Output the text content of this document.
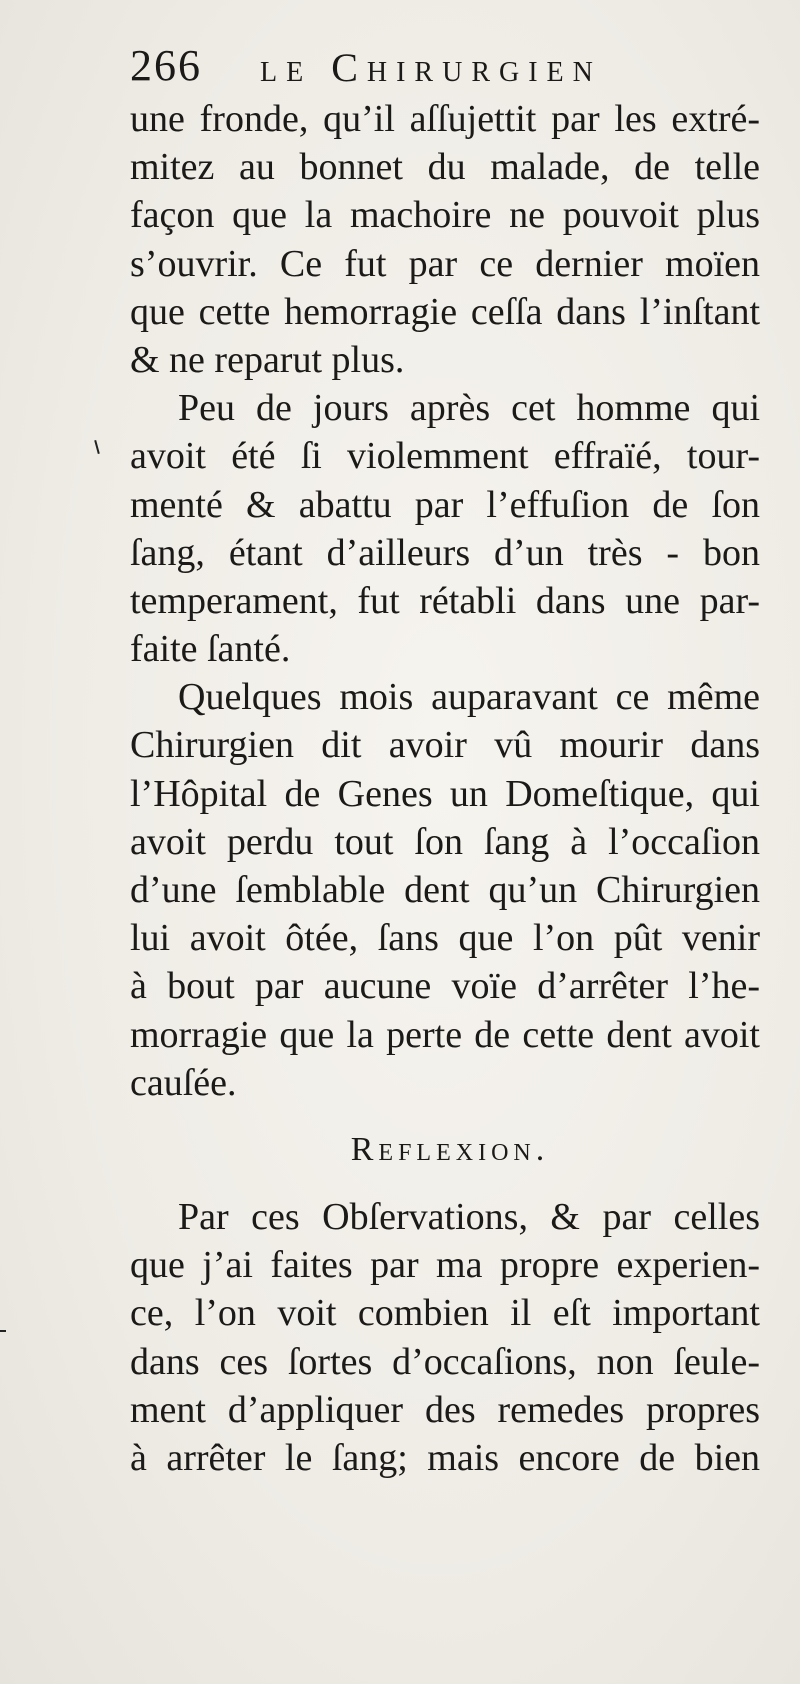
266 le Chirurgien
une fronde, qu’il aſſujettit par les extré-
mitez au bonnet du malade, de telle
façon que la machoire ne pouvoit plus
s’ouvrir. Ce fut par ce dernier moïen
que cette hemorragie ceſſa dans l’inſtant
& ne reparut plus.
Peu de jours après cet homme qui
avoit été ſi violemment effraïé, tour-
menté & abattu par l’effuſion de ſon
ſang, étant d’ailleurs d’un très - bon
temperament, fut rétabli dans une par-
faite ſanté.
Quelques mois auparavant ce même
Chirurgien dit avoir vû mourir dans
l’Hôpital de Genes un Domeſtique, qui
avoit perdu tout ſon ſang à l’occaſion
d’une ſemblable dent qu’un Chirurgien
lui avoit ôtée, ſans que l’on pût venir
à bout par aucune voïe d’arrêter l’he-
morragie que la perte de cette dent avoit
cauſée.
Reflexion.
Par ces Obſervations, & par celles
que j’ai faites par ma propre experien-
ce, l’on voit combien il eſt important
dans ces ſortes d’occaſions, non ſeule-
ment d’appliquer des remedes propres
à arrêter le ſang; mais encore de bien
